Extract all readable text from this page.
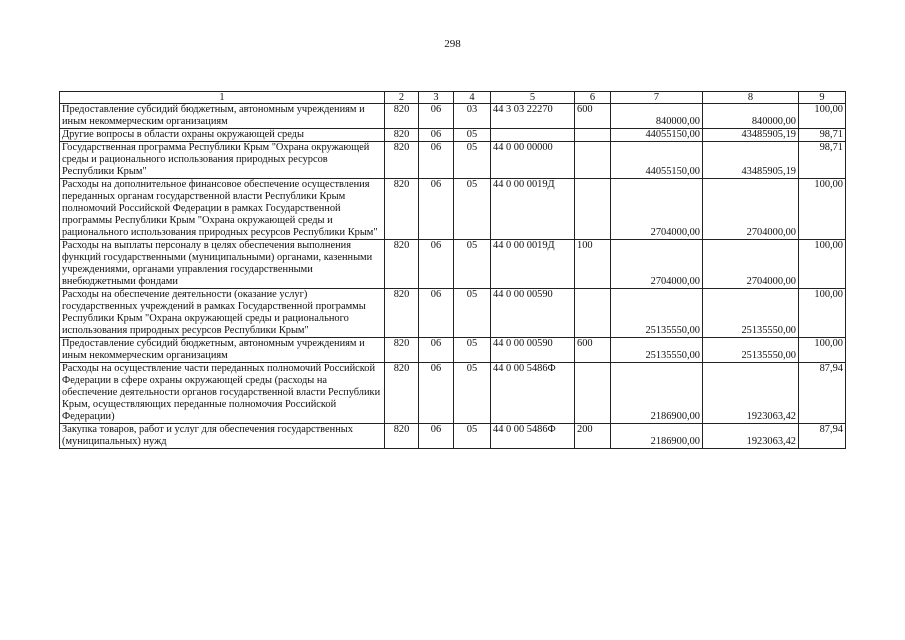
298
1	2	3	4	5	6	7	8	9
Предоставление субсидий бюджетным, автономным учреждениям и иным некоммерческим организациям	820	06	03	44 3 03 22270	600	840000,00	840000,00	100,00
Другие вопросы в области охраны окружающей среды	820	06	05			44055150,00	43485905,19	98,71
Государственная программа Республики Крым "Охрана окружающей среды и рационального использования природных ресурсов Республики Крым"	820	06	05	44 0 00 00000		44055150,00	43485905,19	98,71
Расходы на дополнительное финансовое обеспечение осуществления переданных органам государственной власти Республики Крым полномочий Российской Федерации в рамках Государственной программы Республики Крым "Охрана окружающей среды и рационального использования природных ресурсов Республики Крым"	820	06	05	44 0 00 0019Д		2704000,00	2704000,00	100,00
Расходы на выплаты персоналу в целях обеспечения выполнения функций государственными (муниципальными) органами, казенными учреждениями, органами управления государственными внебюджетными фондами	820	06	05	44 0 00 0019Д	100	2704000,00	2704000,00	100,00
Расходы на обеспечение деятельности (оказание услуг) государственных учреждений в рамках Государственной программы Республики Крым "Охрана окружающей среды и рационального использования природных ресурсов Республики Крым"	820	06	05	44 0 00 00590		25135550,00	25135550,00	100,00
Предоставление субсидий бюджетным, автономным учреждениям и иным некоммерческим организациям	820	06	05	44 0 00 00590	600	25135550,00	25135550,00	100,00
Расходы на осуществление части переданных полномочий Российской Федерации в сфере охраны окружающей среды (расходы на обеспечение деятельности органов государственной власти Республики Крым, осуществляющих переданные полномочия Российской Федерации)	820	06	05	44 0 00 5486Ф		2186900,00	1923063,42	87,94
Закупка товаров, работ и услуг для обеспечения государственных (муниципальных) нужд	820	06	05	44 0 00 5486Ф	200	2186900,00	1923063,42	87,94
